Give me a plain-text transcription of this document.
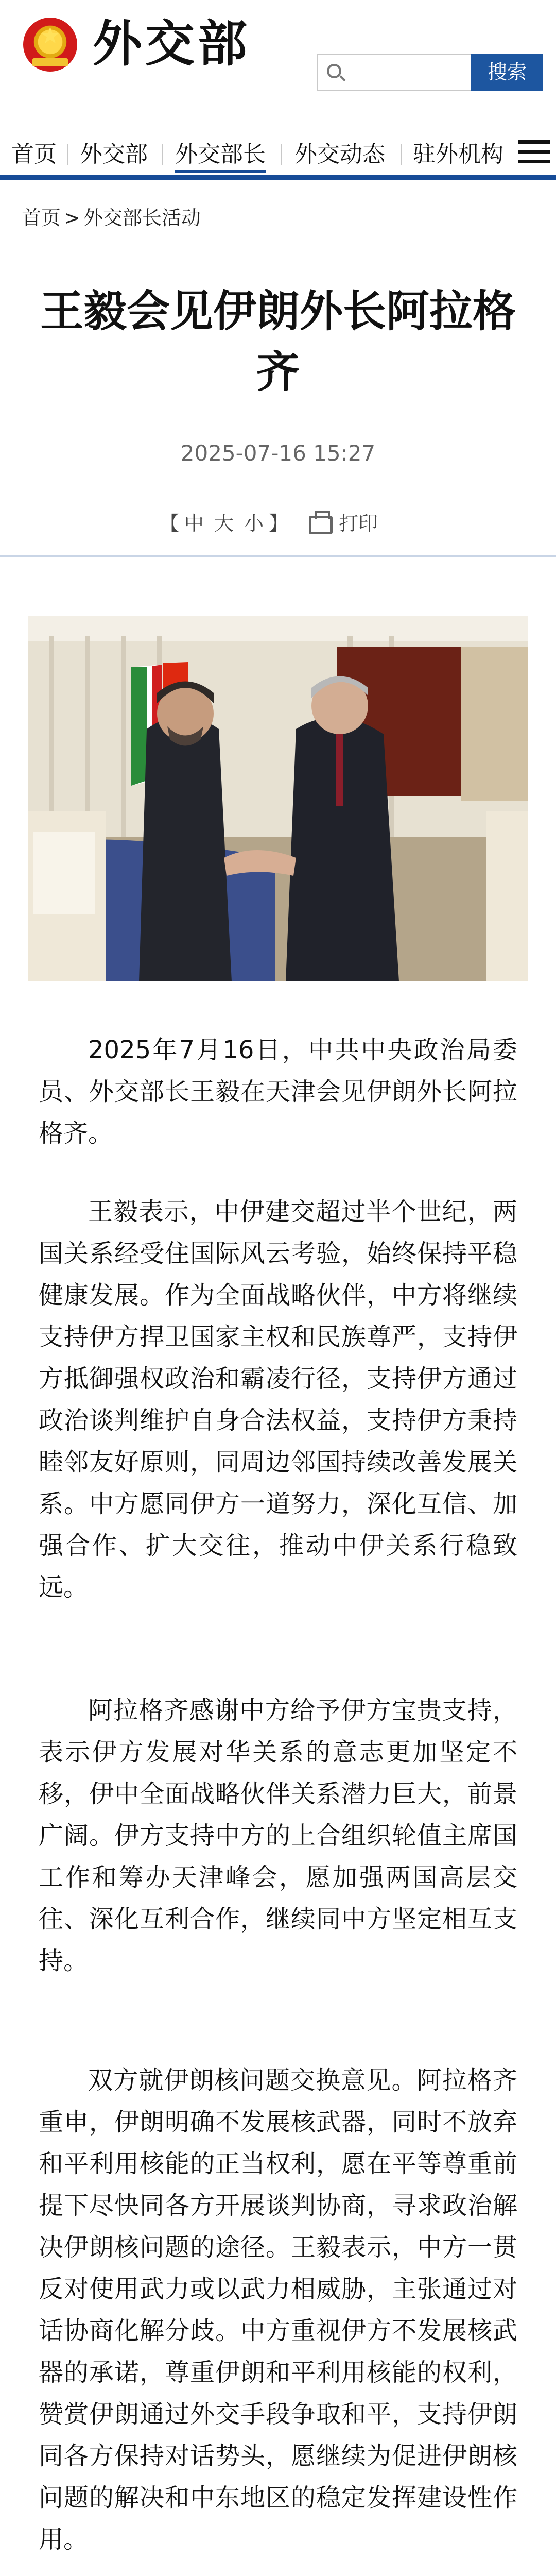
★ 外交部	搜索
首页 外交部 外交部长 外交动态 驻外机构
首页 > 外交部长活动
王毅会见伊朗外长阿拉格齐
2025-07-16 15:27
【 中 大 小 】	打印

2025年7月16日，中共中央政治局委员、外交部长王毅在天津会见伊朗外长阿拉格齐。

王毅表示，中伊建交超过半个世纪，两国关系经受住国际风云考验，始终保持平稳健康发展。作为全面战略伙伴，中方将继续支持伊方捍卫国家主权和民族尊严，支持伊方抵御强权政治和霸凌行径，支持伊方通过政治谈判维护自身合法权益，支持伊方秉持睦邻友好原则，同周边邻国持续改善发展关系。中方愿同伊方一道努力，深化互信、加强合作、扩大交往，推动中伊关系行稳致远。

阿拉格齐感谢中方给予伊方宝贵支持，表示伊方发展对华关系的意志更加坚定不移，伊中全面战略伙伴关系潜力巨大，前景广阔。伊方支持中方的上合组织轮值主席国工作和筹办天津峰会，愿加强两国高层交往、深化互利合作，继续同中方坚定相互支持。

双方就伊朗核问题交换意见。阿拉格齐重申，伊朗明确不发展核武器，同时不放弃和平利用核能的正当权利，愿在平等尊重前提下尽快同各方开展谈判协商，寻求政治解决伊朗核问题的途径。王毅表示，中方一贯反对使用武力或以武力相威胁，主张通过对话协商化解分歧。中方重视伊方不发展核武器的承诺，尊重伊朗和平利用核能的权利，赞赏伊朗通过外交手段争取和平，支持伊朗同各方保持对话势头，愿继续为促进伊朗核问题的解决和中东地区的稳定发挥建设性作用。
